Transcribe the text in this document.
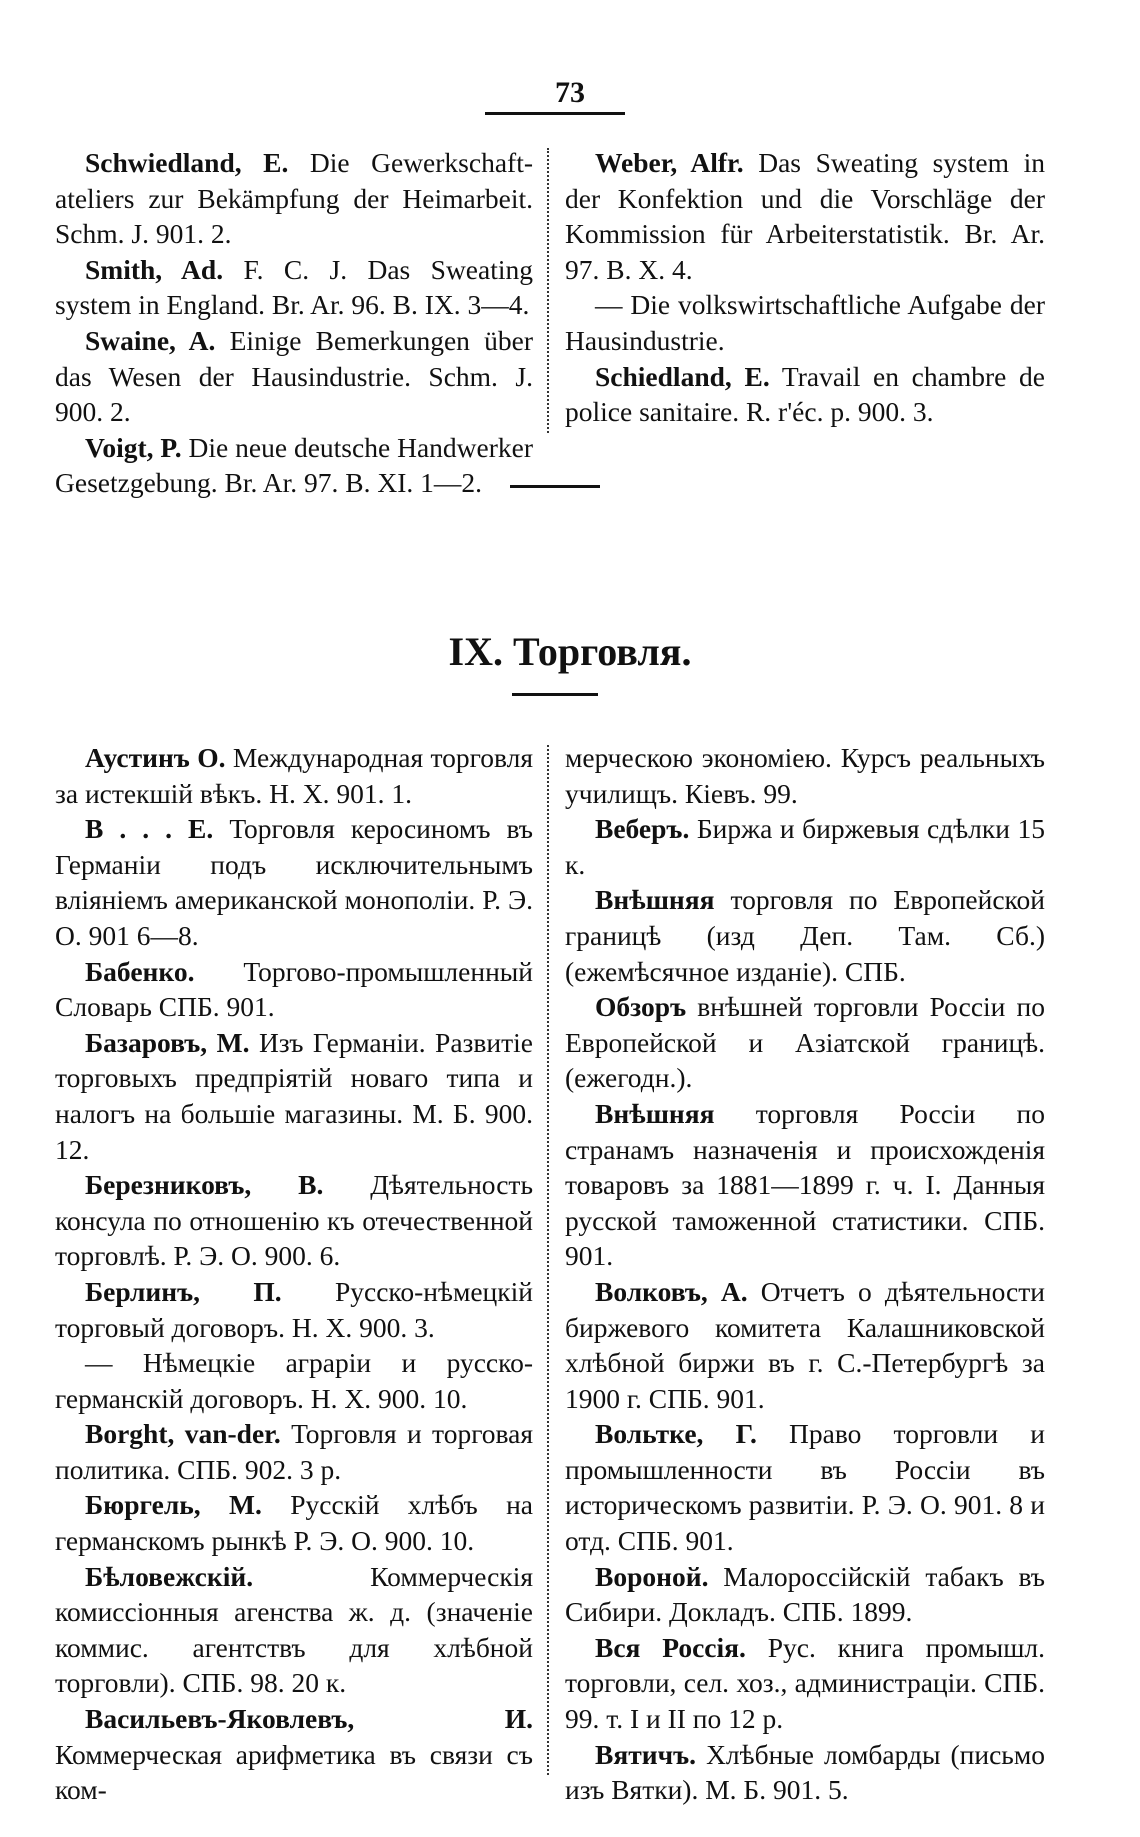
73

Schwiedland, E. Die Gewerkschaft-ateliers zur Bekämpfung der Heimarbeit. Schm. J. 901. 2.

Smith, Ad. F. C. J. Das Sweating system in England. Br. Ar. 96. B. IX. 3—4.

Swaine, A. Einige Bemerkungen über das Wesen der Hausindustrie. Schm. J. 900. 2.

Voigt, P. Die neue deutsche Handwerker Gesetzgebung. Br. Ar. 97. B. XI. 1—2.

Weber, Alfr. Das Sweating system in der Konfektion und die Vorschläge der Kommission für Arbeiterstatistik. Br. Ar. 97. B. X. 4.

— Die volkswirtschaftliche Aufgabe der Hausindustrie.

Schiedland, E. Travail en chambre de police sanitaire. R. r'éc. p. 900. 3.

IX. Торговля.

Аустинъ О. Международная торговля за истекшій вѣкъ. Н. X. 901. 1.

В . . . Е. Торговля керосиномъ въ Германіи подъ исключительнымъ вліяніемъ американской монополіи. Р. Э. О. 901 6—8.

Бабенко. Торгово-промышленный Словарь СПБ. 901.

Базаровъ, М. Изъ Германіи. Развитіе торговыхъ предпріятій новаго типа и налогъ на большіе магазины. М. Б. 900. 12.

Березниковъ, В. Дѣятельность консула по отношенію къ отечественной торговлѣ. Р. Э. О. 900. 6.

Берлинъ, П. Русско-нѣмецкій торговый договоръ. Н. X. 900. 3.

— Нѣмецкіе аграріи и русско-германскій договоръ. Н. X. 900. 10.

Borght, van-der. Торговля и торговая политика. СПБ. 902. 3 р.

Бюргель, М. Русскій хлѣбъ на германскомъ рынкѣ Р. Э. О. 900. 10.

Бѣловежскій.	Коммерческія комиссіонныя агенства ж. д. (значеніе коммис. агентствъ для хлѣбной торговли). СПБ. 98. 20 к.

Васильевъ-Яковлевъ, И. Коммерческая арифметика въ связи съ ком-

мерческою экономіею. Курсъ реальныхъ училищъ. Кіевъ. 99.

Веберъ. Биржа и биржевыя сдѣлки 15 к.

Внѣшняя торговля по Европейской границѣ (изд Деп. Там. Сб.) (ежемѣсячное изданіе). СПБ.

Обзоръ внѣшней торговли Россіи по Европейской и Азіатской границѣ. (ежегодн.).

Внѣшняя торговля Россіи по странамъ назначенія и происхожденія товаровъ за 1881—1899 г. ч. I. Данныя русской таможенной статистики. СПБ. 901.

Волковъ, А. Отчетъ о дѣятельности биржевого комитета Калашниковской хлѣбной биржи въ г. С.-Петербургѣ за 1900 г. СПБ. 901.

Вольтке, Г. Право торговли и промышленности въ Россіи въ историческомъ развитіи. Р. Э. О. 901. 8 и отд. СПБ. 901.

Вороной. Малороссійскій табакъ въ Сибири. Докладъ. СПБ. 1899.

Вся Россія. Рус. книга промышл. торговли, сел. хоз., администраціи. СПБ. 99. т. I и II по 12 р.

Вятичъ. Хлѣбные ломбарды (письмо изъ Вятки). М. Б. 901. 5.
